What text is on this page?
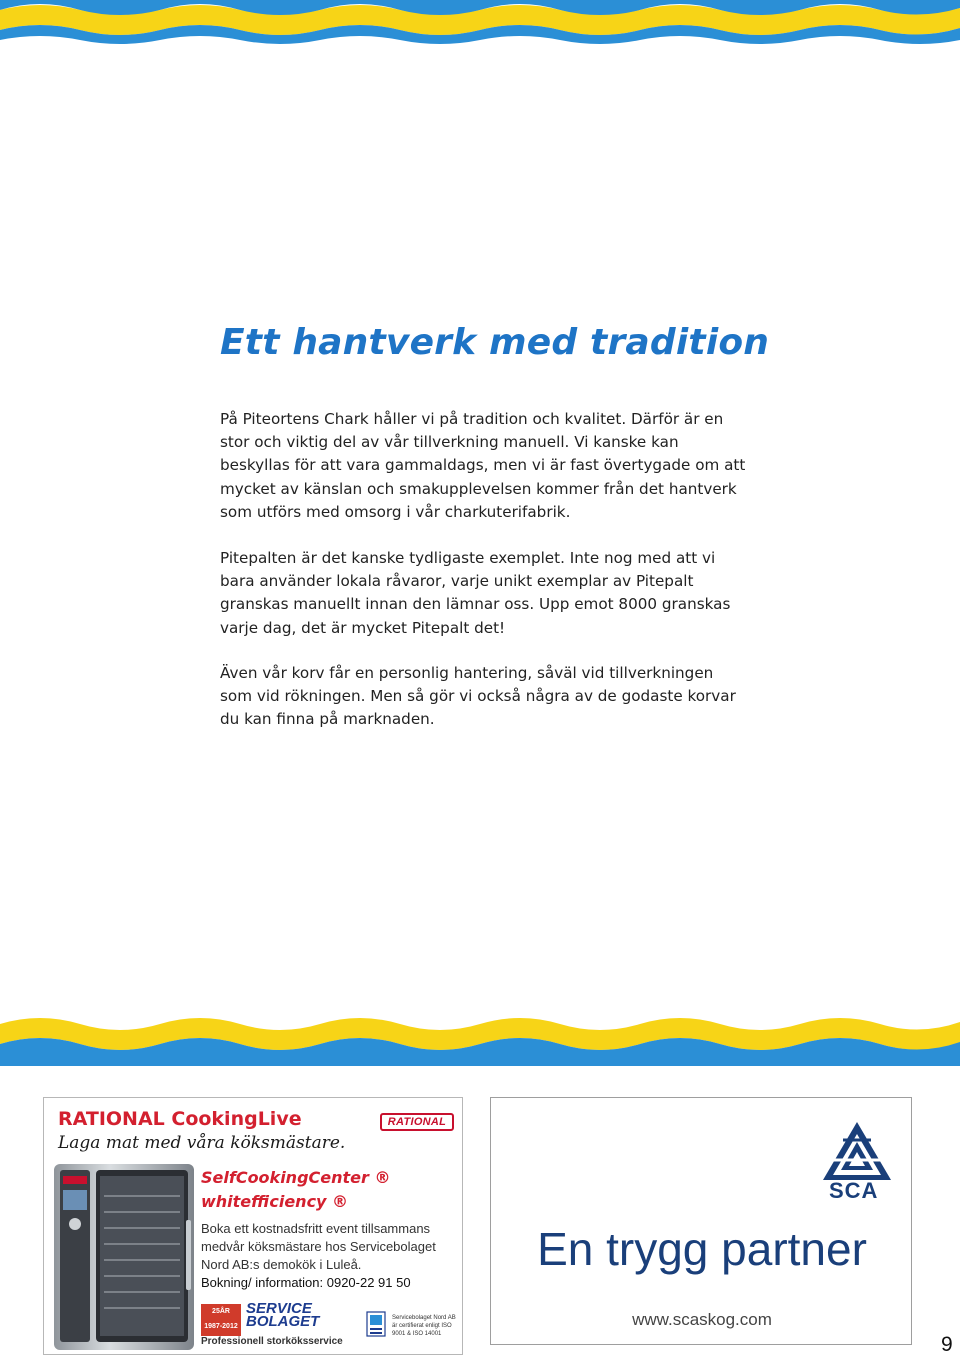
Ett hantverk med tradition
På Piteortens Chark håller vi på tradition och kvalitet. Därför är en stor och viktig del av vår tillverkning manuell. Vi kanske kan beskyllas för att vara gammaldags, men vi är fast övertygade om att mycket av känslan och smakupplevelsen kommer från det hantverk som utförs med omsorg i vår charkuterifabrik.
Pitepalten är det kanske tydligaste exemplet. Inte nog med att vi bara använder lokala råvaror, varje unikt exemplar av Pitepalt granskas manuellt innan den lämnar oss. Upp emot 8000 granskas varje dag, det är mycket Pitepalt det!
Även vår korv får en personlig hantering, såväl vid tillverkningen som vid rökningen. Men så gör vi också några av de godaste korvar du kan finna på marknaden.
RATIONAL CookingLive	RATIONAL
Laga mat med våra köksmästare.
SelfCookingCenter ®
whitefficiency ®
Boka ett kostnadsfritt event tillsammans medvår köksmästare hos Servicebolaget Nord AB:s demokök i Luleå.
Bokning/ information: 0920-22 91 50
25ÅR
1987-2012
SERVICE
BOLAGET
Professionell storköksservice
Servicebolaget Nord AB är certifierat enligt ISO 9001 & ISO 14001
SCA
En trygg partner
www.scaskog.com
9
